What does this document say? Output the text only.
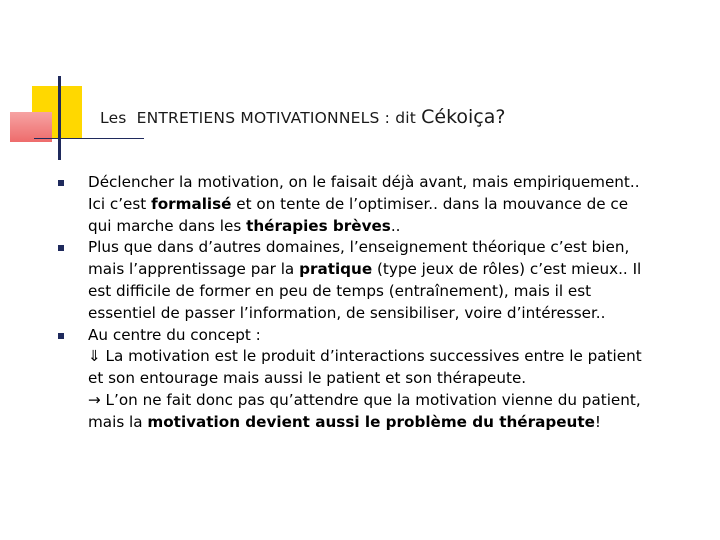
Les ENTRETIENS MOTIVATIONNELS : dit Cékoiça?
Déclencher la motivation, on le faisait déjà avant, mais empiriquement.. Ici c’est formalisé et on tente de l’optimiser.. dans la mouvance de ce qui marche dans les thérapies brèves..
Plus que dans d’autres domaines, l’enseignement théorique c’est bien, mais l’apprentissage par la pratique (type jeux de rôles) c’est mieux.. Il est difficile de former en peu de temps (entraînement), mais il est essentiel de passer l’information, de sensibiliser, voire d’intéresser..
Au centre du concept :
⇓ La motivation est le produit d’interactions successives entre le patient et son entourage mais aussi le patient et son thérapeute.
→ L’on ne fait donc pas qu’attendre que la motivation vienne du patient, mais la motivation devient aussi le problème du thérapeute!
